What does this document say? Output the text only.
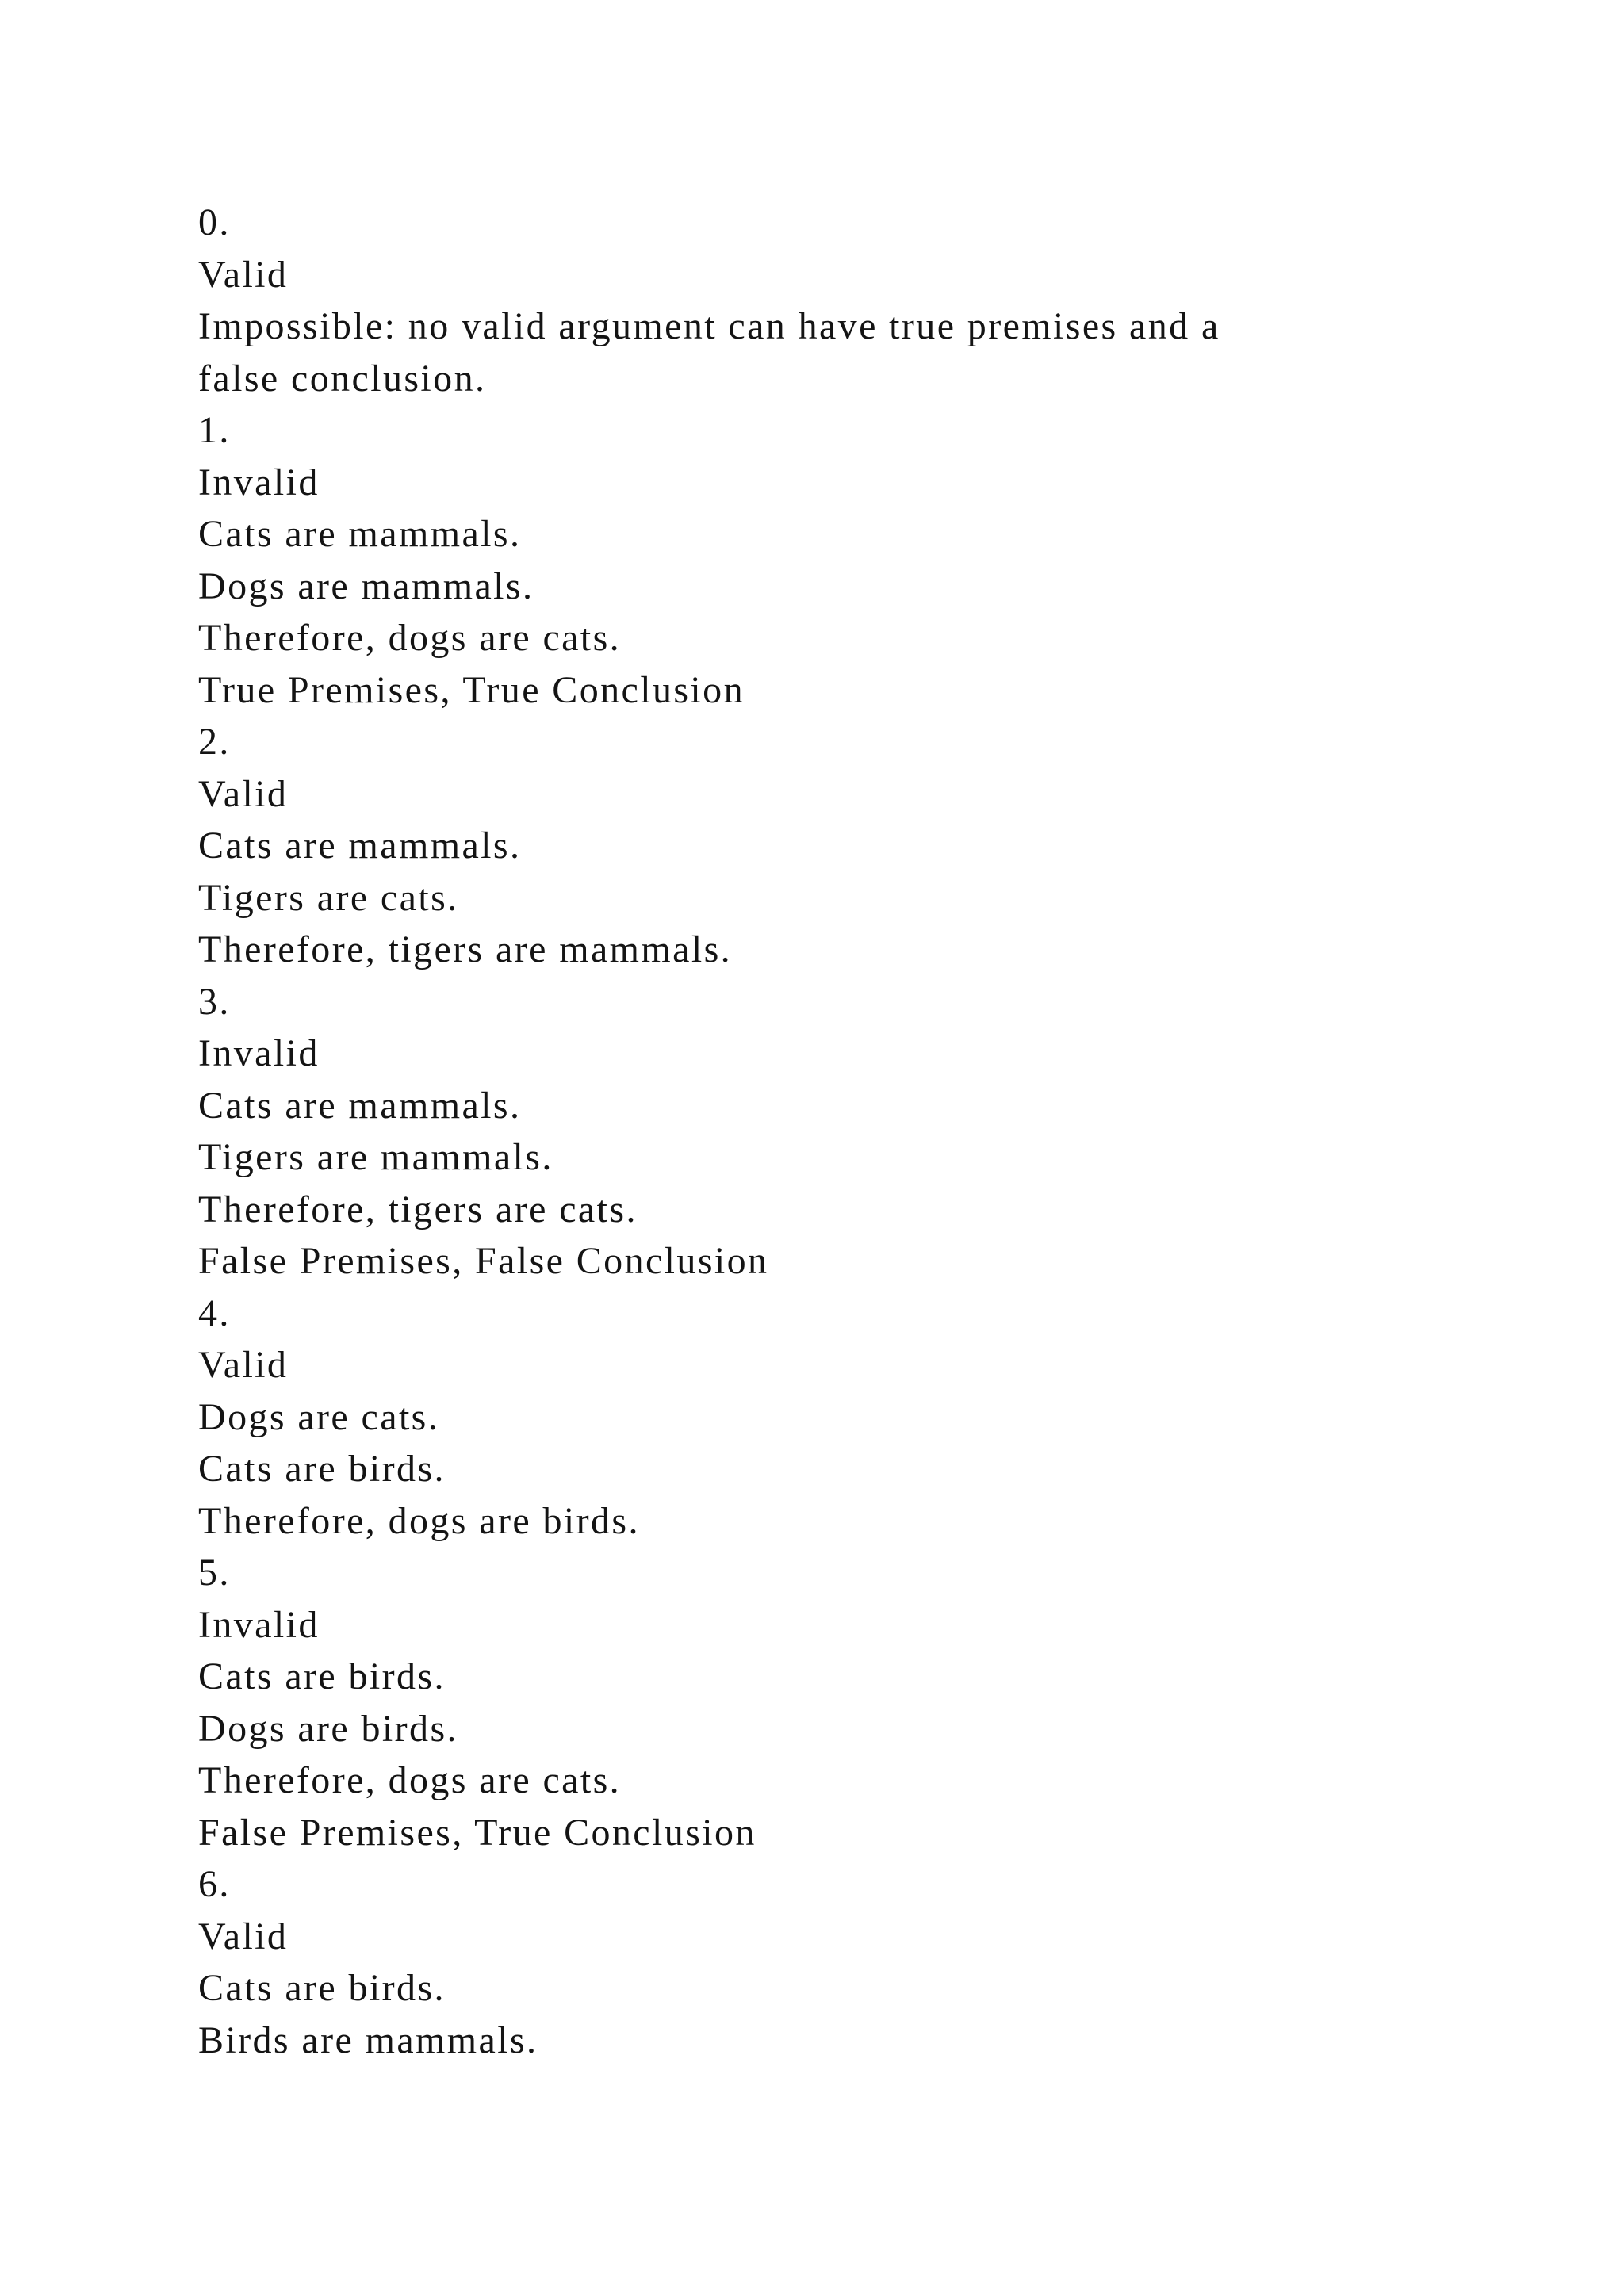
0.

Valid

Impossible: no valid argument can have true premises and a

false conclusion.

1.

Invalid

Cats are mammals.

Dogs are mammals.

Therefore, dogs are cats.

True Premises, True Conclusion

2.

Valid

Cats are mammals.

Tigers are cats.

Therefore, tigers are mammals.

3.

Invalid

Cats are mammals.

Tigers are mammals.

Therefore, tigers are cats.

False Premises, False Conclusion

4.

Valid

Dogs are cats.

Cats are birds.

Therefore, dogs are birds.

5.

Invalid

Cats are birds.

Dogs are birds.

Therefore, dogs are cats.

False Premises, True Conclusion

6.

Valid

Cats are birds.

Birds are mammals.
